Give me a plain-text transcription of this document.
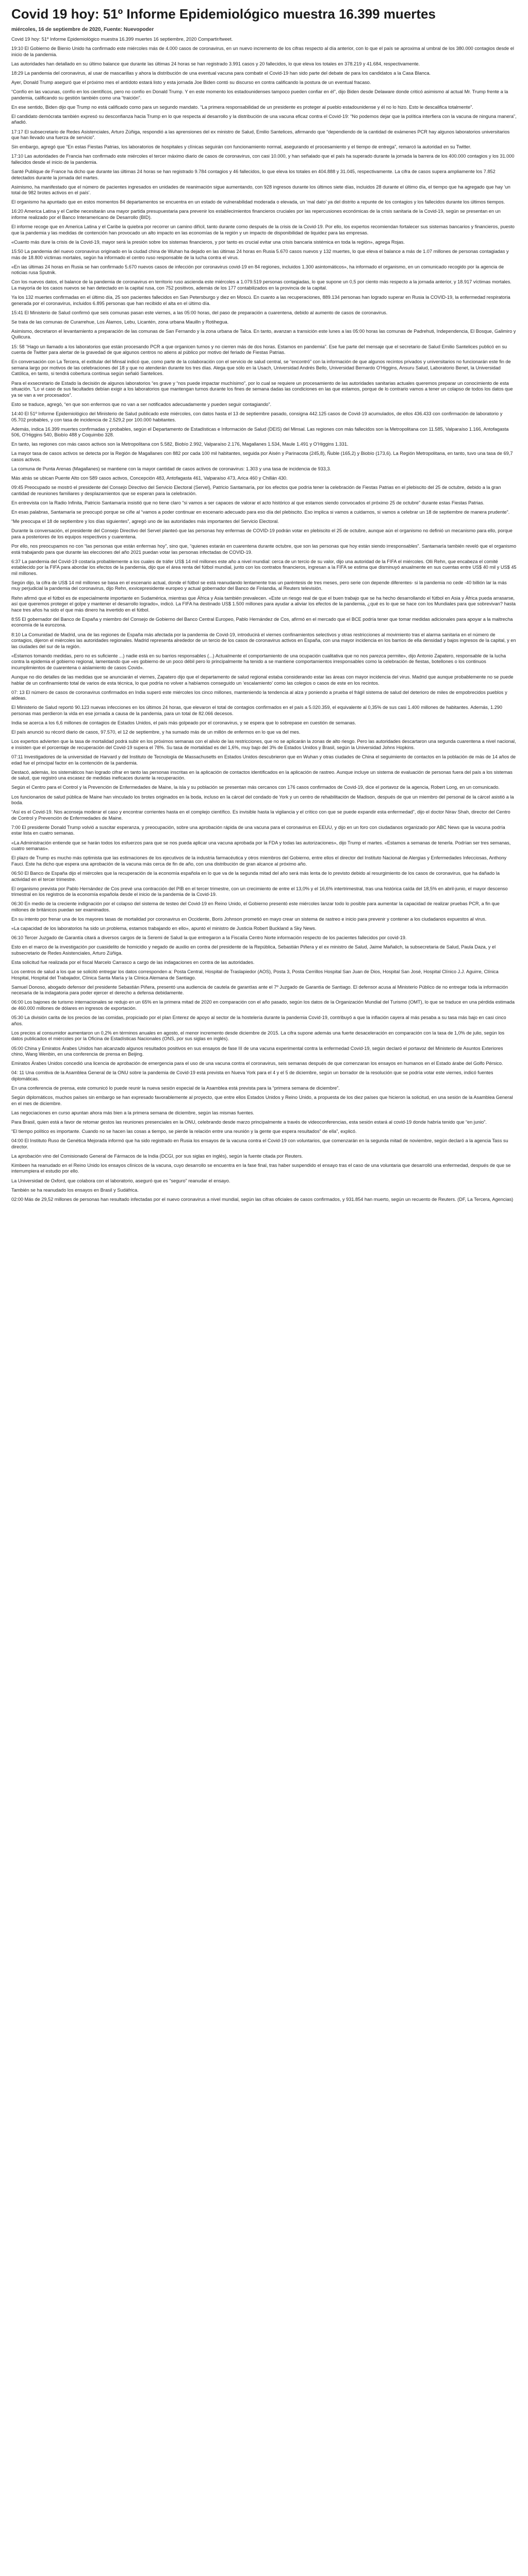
Covid 19 hoy: 51º Informe Epidemiológico muestra 16.399 muertes
miércoles, 16 de septiembre de 2020, Fuente: Nuevopoder

Covid 19 hoy: 51º Informe Epidemiológico muestra 16.399 muertes 16 septiembre, 2020 Compartir/tweet.

19:10 El Gobierno de Bienio Unido ha confirmado este miércoles más de 4.000 casos de coronavirus, en un nuevo incremento de los cifras respecto al día anterior, con lo que el país se aproxima al umbral de los 380.000 contagios desde el inicio de la pandemia.

Las autoridades han detallado en su último balance que durante las últimas 24 horas se han registrado 3.991 casos y 20 fallecidos, lo que eleva los totales en 378.219 y 41.684, respectivamente.

18:29 La pandemia del coronavirus, al usar de mascarillas y ahora la distribución de una eventual vacuna para combatir el Covid-19 han sido parte del debate de para los candidatos a la Casa Blanca.

Ayer, Donald Trump aseguró que el próximo mes el antídoto estará listo y esta jornada Joe Biden contó su discurso en contra calificando la postura de un eventual fracaso.

“Confío en las vacunas, confío en los científicos, pero no confío en Donald Trump. Y en este momento los estadounidenses tampoco pueden confiar en él”, dijo Biden desde Delaware donde criticó asimismo al actual Mr. Trump frente a la pandemia, calificando su gestión también como una “traición”.

En ese sentido, Biden dijo que Trump no está calificado como para un segundo mandato. “La primera responsabilidad de un presidente es proteger al pueblo estadounidense y él no lo hizo. Esto le descalifica totalmente”.

El candidato demócrata también expresó su desconfianza hacia Trump en lo que respecta al desarrollo y la distribución de una vacuna eficaz contra el Covid-19: “No podemos dejar que la política interfiera con la vacuna de ninguna manera”, añadió.

17:17 El subsecretario de Redes Asistenciales, Arturo Zúñiga, respondió a las aprensiones del ex ministro de Salud, Emilio Santelices, afirmando que “dependiendo de la cantidad de exámenes PCR hay algunos laboratorios universitarios que han llevado una fuerza de servicio”.

Sin embargo, agregó que “En estas Fiestas Patrias, los laboratorios de hospitales y clínicas seguirán con funcionamiento normal, asegurando el procesamiento y el tiempo de entrega”, remarcó la autoridad en su Twitter.

17:10 Las autoridades de Francia han confirmado este miércoles el tercer máximo diario de casos de coronavirus, con casi 10.000, y han señalado que el país ha superado durante la jornada la barrera de los 400.000 contagios y los 31.000 fallecidos desde el inicio de la pandemia.

Santé Publique de France ha dicho que durante las últimas 24 horas se han registrado 9.784 contagios y 46 fallecidos, lo que eleva los totales en 404.888 y 31.045, respectivamente. La cifra de casos supera ampliamente los 7.852 detectados durante la jornada del martes.

Asimismo, ha manifestado que el número de pacientes ingresados en unidades de reanimación sigue aumentando, con 928 ingresos durante los últimos siete días, incluidos 28 durante el último día, el tiempo que ha agregado que hay ‘un total de 982 brotes activos en el país’.

El organismo ha apuntado que en estos momentos 84 departamentos se encuentra en un estado de vulnerabilidad moderada o elevada, un ‘mal dato’ ya del distrito a repunte de los contagios y los fallecidos durante los últimos tiempos.

16:20 America Latina y el Caribe necesitarán una mayor partida presupuestaria para prevenir los establecimientos financieros cruciales por las repercusiones económicas de la crisis sanitaria de la Covid-19, según se presentan en un informe realizado por el Banco Interamericano de Desarrollo (BID).

El informe recoge que en America Latina y el Caribe la quiebra por recorrer un camino difícil, tanto durante como después de la crisis de la Covid-19. Por ello, los expertos recomiendan fortalecer sus sistemas bancarios y financieros, puesto que la pandemia y las medidas de contención han provocado un alto impacto en las economías de la región y un impacto de disponibilidad de liquidez para las empresas.

«Cuanto más dure la crisis de la Covid-19, mayor será la presión sobre los sistemas financieros, y por tanto es crucial evitar una crisis bancaria sistémica en toda la región», agrega Rojas.

15:50 La pandemia del nuevo coronavirus originado en la ciudad china de Wuhan ha dejado en las últimas 24 horas en Rusia 5.670 casos nuevos y 132 muertes, lo que eleva el balance a más de 1.07 millones de personas contagiadas y más de 18.800 víctimas mortales, según ha informado el centro ruso responsable de la lucha contra el virus.

«En las últimas 24 horas en Rusia se han confirmado 5.670 nuevos casos de infección por coronavirus covid-19 en 84 regiones, incluidos 1.300 asintomáticos», ha informado el organismo, en un comunicado recogido por la agencia de noticias rusa Sputnik.

Con los nuevos datos, el balance de la pandemia de coronavirus en territorio ruso ascienda este miércoles a 1.079.519 personas contagiadas, lo que supone un 0,5 por ciento más respecto a la jornada anterior, y 18.917 víctimas mortales. La mayoría de los casos nuevos se han detectado en la capital rusa, con 752 positivos, además de los 177 contabilizados en la provincia de la capital.

Ya los 132 muertes confirmadas en el último día, 25 son pacientes fallecidos en San Petersburgo y diez en Moscú. En cuanto a las recuperaciones, 889.134 personas han logrado superar en Rusia la COVID-19, la enfermedad respiratoria generada por el coronavirus, incluidos 6.895 personas que han recibido el alta en el último día.

15:41 El Ministerio de Salud confirmó que seis comunas pasan este viernes, a las 05:00 horas, del paso de preparación a cuarentena, debido al aumento de casos de coronavirus.

Se trata de las comunas de Curarrehue, Los Álamos, Lebu, Licantén, zona urbana Mauilln y Rotihegua.

Asimismo, decretaron el levantamiento a preparación de las comunas de San Fernando y la zona urbana de Talca. En tanto, avanzan a transición este lunes a las 05:00 horas las comunas de Padrehuti, Independencia, El Bosque, Galimiro y Quilicura.

15: 58 “Hago un llamado a los laboratorios que están procesando PCR a que organicen turnos y no cierren más de dos horas. Estamos en pandemia”. Ese fue parte del mensaje que el secretario de Salud Emilio Santelices publicó en su cuenta de Twitter para alertar de la gravedad de que algunos centros no atiens al público por motivo del feriado de Fiestas Patrias.

En conversación con La Tercera, el extitular del Minsal indicó que, como parte de la colaboración con el servicio de salud central, se “encontró” con la información de que algunos recintos privados y universitarios no funcionarán este fin de semana largo por motivos de las celebraciones del 18 y que no atenderán durante los tres días. Alega que sólo en la Usach, Universidad Andrés Bello, Universidad Bernardo O’Higgins, Ansuru Salud, Laboratorio Benet, la Universidad Católica, en tanto, si tendrá cobertura continua según señaló Santelices.

Para el exsecretario de Estado la decisión de algunos laboratorios “es grave y “nos puede impactar muchísimo”, por lo cual se requiere un procesamiento de las autoridades sanitarias actuales queremos preparar un conocimiento de esta situación. “Lo vi caso de sus facultades debían exigir a los laboratorios que mantengan turnos durante los fines de semana dadas las condiciones en las que estamos, porque de lo contrario vamos a tener un colapso de todos los datos que ya se van a ver procesados”.

Esto se traduce, agregó, “en que son enfermos que no van a ser notificados adecuadamente y pueden seguir contagiando”.

14:40 El 51º Informe Epidemiológico del Ministerio de Salud publicado este miércoles, con datos hasta el 13 de septiembre pasado, consigna 442.125 casos de Covid-19 acumulados, de ellos 436.433 con confirmación de laboratorio y 05.702 probables, y con tasa de incidencia de 2.529,2 por 100.000 habitantes.

Además, indica 16.399 muertes confirmadas y probables, según el Departamento de Estadísticas e Información de Salud (DEIS) del Minsal. Las regiones con más fallecidos son la Metropolitana con 11.585, Valparaíso 1.166, Antofagasta 506, O’Higgins 540, Biobío 488 y Coquimbo 328.

En tanto, las regiones con más casos activos son la Metropolitana con 5.582, Biobío 2.992, Valparaíso 2.176, Magallanes 1.534, Maule 1.491 y O’Higgins 1.331.

La mayor tasa de casos activos se detecta por la Región de Magallanes con 882 por cada 100 mil habitantes, seguida por Aisén y Parinacota (245,8), Ñuble (165,2) y Biobío (173,6). La Región Metropolitana, en tanto, tuvo una tasa de 69,7 casos activos.

La comuna de Punta Arenas (Magallanes) se mantiene con la mayor cantidad de casos activos de coronavirus: 1.303 y una tasa de incidencia de 933,3.

Más atrás se ubican Puente Alto con 589 casos activos, Concepción 483, Antofagasta 461, Valparaíso 473, Arica 460 y Chillán 430.

09:45 Preocupado se mostró el presidente del Consejo Directivo del Servicio Electoral (Servel), Patricio Santamaría, por los efectos que podría tener la celebración de Fiestas Patrias en el plebiscito del 25 de octubre, debido a la gran cantidad de reuniones familiares y desplazamientos que se esperan para la celebración.

En entrevista con la Radio Infinita, Patricio Santamaría insistió que no tiene claro “si vamos a ser capaces de valorar el acto histórico al que estamos siendo convocados el próximo 25 de octubre” durante estas Fiestas Patrias.

En esas palabras, Santamaría se preocupó porque se ciñe al “vamos a poder continuar en escenario adecuado para eso día del plebiscito. Eso implica si vamos a cuidarnos, si vamos a celebrar un 18 de septiembre de manera prudente”.

“Me preocupa el 18 de septiembre y los días siguientes”, agregó uno de las autoridades más importantes del Servicio Electoral.

Durante la conversación, el presidente del Consejo Directivo del Servel planteó que las personas hoy enfermas de COVID-19 podrán votar en plebiscito el 25 de octubre, aunque aún el organismo no definió un mecanismo para ello, porque para a posteriores de los equipos respectivos y cuarentena.

Por ello, nos preocupamos no con “las personas que están enfermas hoy”, sino que, “quienes estarán en cuarentena durante octubre, que son las personas que hoy están siendo irresponsables”. Santamaría también reveló que el organismo está trabajando para que durante las elecciones del año 2021 puedan votar las personas infectadas de COVID-19.

6:37 La pandemia del Covid-19 costaría probablemente a los cuales de tráfer US$ 14 mil millones este año a nivel mundial: cerca de un tercio de su valor, dijo una autoridad de la FIFA el miércoles. Olli Rehn, que encabeza el comité establecido por la FIFA para abordar los efectos de la pandemia, dijo que el área renta del fútbol mundial, junto con los contratos financieros, ingresan a la FIFA se estima que disminuyó anualmente en sus cuentas entre US$ 40 mil y US$ 45 mil millones.

Según dijo, la cifra de US$ 14 mil millones se basa en el escenario actual, donde el fútbol se está reanudando lentamente tras un paréntesis de tres meses, pero serie con depende diferentes- si la pandemia no cede -40 billión lar la más muy perjudicial la pandemia del coronavirus, dijo Rehn, exvicepresidente europeo y actual gobernador del Banco de Finlandia, al Reuters televisión.

Rehn afirmó que el fútbol es de especialmente importante en Sudamérica, mientras que África y Asia también prevalecen. «Este un riesgo real de que el buen trabajo que se ha hecho desarrollando el fútbol en Asia y África pueda arrasarse, así que queremos proteger el golpe y mantener el desarrollo logrado», indicó. La FIFA ha destinado US$ 1.500 millones para ayudar a aliviar los efectos de la pandemia, ¿qué es lo que se hace con los Mundiales para que sobrevivan? hasta hace tres años ha sido el que más dinero ha invertido en el fútbol.

8:55 El gobernador del Banco de España y miembro del Consejo de Gobierno del Banco Central Europeo, Pablo Hernández de Cos, afirmó en el mercado que el BCE podría tener que tomar medidas adicionales para apoyar a la maltrecha economía de la eurozona.

8:10 La Comunidad de Madrid, una de las regiones de España más afectada por la pandemia de Covid-19, introducirá el viernes confinamientos selectivos y otras restricciones al movimiento tras el alarma sanitaria en el número de contagios, dijeron el miércoles las autoridades regionales. Madrid representa alrededor de un tercio de los casos de coronavirus activos en España, con una mayor incidencia en los barrios de ella densidad y bajos ingresos de la capital, y en las ciudades del sur de la región.

«Estamos tomando medidas, pero no es suficiente ...) nadie está en su barrios responsables (...) Actualmente el comportamiento de una ocupación cualitativa que no nos parezca permite», dijo Antonio Zapatero, responsable de la lucha contra la epidemia el gobierno regional, lamentando que «es gobierno de un poco débil pero lo principalmente ha tenido a se mantiene comportamientos irresponsables como la celebración de fiestas, botellones o los continuos incumplimientos de cuarentena o aislamiento de casos Covid».

Aunque no dio detalles de las medidas que se anunciarán el viernes, Zapatero dijo que el departamento de salud regional estaba considerando estar las áreas con mayor incidencia del virus. Madrid que aunque probablemente no se puede hablar de un confinamiento total de varios de esta técnica, lo que podría no volver a habíamos conseguido un ‘escalamiento’ como las colegios o casos de este en los recintos.

07: 13 El número de casos de coronavirus confirmados en India superó este miércoles los cinco millones, manteniendo la tendencia al alza y poniendo a prueba el frágil sistema de salud del deterioro de miles de empobrecidos pueblos y aldeas.

El Ministerio de Salud reportó 90.123 nuevas infecciones en los últimos 24 horas, que elevaron el total de contagios confirmados en el país a 5.020.359, el equivalente al 0,35% de sus casi 1.400 millones de habitantes. Además, 1.290 personas mas perdieron la vida en ese jornada a causa de la pandemia, para un total de 82.066 decesos.

India se acerca a los 6,6 millones de contagios de Estados Unidos, el país más golpeado por el coronavirus, y se espera que lo sobrepase en cuestión de semanas.

El país anunció su récord diario de casos, 97.570, el 12 de septiembre, y ha sumado más de un millón de enfermos en lo que va del mes.

Los expertos advierten que la tasa de mortalidad podrá subir en los próximos semanas con el alivio de las restricciones, que no se aplicarán la zonas de alto riesgo. Pero las autoridades descartaron una segunda cuarentena a nivel nacional, e insisten que el porcentaje de recuperación del Covid-19 supera el 78%. Su tasa de mortalidad es del 1,6%, muy bajo del 3% de Estados Unidos y Brasil, según la Universidad Johns Hopkins.

07:11 Investigadores de la universidad de Harvard y del Instituto de Tecnología de Massachusetts en Estados Unidos descubrieron que en Wuhan y otras ciudades de China el seguimiento de contactos en la población de más de 14 años de edad fue el principal factor en la contención de la pandemia.

Destacó, además, los sistemáticos han logrado cifrar en tanto las personas inscritas en la aplicación de contactos identificados en la aplicación de rastreo. Aunque incluye un sistema de evaluación de personas fuera del país a los sistemas de salud, que registró una escasez de medidas ineficaces durante la recuperación.

Según el Centro para el Control y la Prevención de Enfermedades de Maine, la isla y su población se presentan más cercanos con 176 casos confirmados de Covid-19, dice el portavoz de la agencia, Robert Long, en un comunicado.

Los funcionarios de salud pública de Maine han vinculado los brotes originados en la boda, incluso en la cárcel del condado de York y un centro de rehabilitación de Madison, después de que un miembro del personal de la cárcel asistió a la boda.

“Así es el Covid-19. Nos aconseja moderar el caso y encontrar corrientes hasta en el complejo científico. Es invisible hasta la vigilancia y el crítico con que se puede expandir esta enfermedad”, dijo el doctor Nirav Shah, director del Centro de Control y Prevención de Enfermedades de Maine.

7:00 El presidente Donald Trump volvió a suscitar esperanza, y preocupación, sobre una aprobación rápida de una vacuna para el coronavirus en EEUU, y dijo en un foro con ciudadanos organizado por ABC News que la vacuna podría estar lista en cuatro semanas.

«La Administración entiende que se harán todos los esfuerzos para que se nos pueda aplicar una vacuna aprobada por la FDA y todas las autorizaciones», dijo Trump el martes. «Estamos a semanas de tenerla. Podrían ser tres semanas, cuatro semanas».

El plazo de Trump es mucho más optimista que las estimaciones de los ejecutivos de la industria farmacéutica y otros miembros del Gobierno, entre ellos el director del Instituto Nacional de Alergias y Enfermedades Infecciosas, Anthony Fauci. Este ha dicho que espera una aprobación de la vacuna más cerca de fin de año, con una distribución de gran alcance al próximo año.

06:50 El Banco de España dijo el miércoles que la recuperación de la economía española en lo que va de la segunda mitad del año será más lenta de lo previsto debido al resurgimiento de los casos de coronavirus, que ha dañado la actividad en el tercer trimestre.

El organismo prevista por Pablo Hernández de Cos prevé una contracción del PIB en el tercer trimestre, con un crecimiento de entre el 13,0% y el 16,6% intertrimestral, tras una histórica caída del 18,5% en abril-junio, el mayor descenso trimestral en los registros de la economía española desde el inicio de la pandemia de la Covid-19.

06:30 En medio de la creciente indignación por el colapso del sistema de testeo del Covid-19 en Reino Unido, el Gobierno presentó este miércoles lanzar todo lo posible para aumentar la capacidad de realizar pruebas PCR, a fin que millones de británicos puedan ser examinados.

En su intento por frenar una de los mayores tasas de mortalidad por coronavirus en Occidente, Boris Johnson prometió en mayo crear un sistema de rastreo e inicio para prevenir y contener a los ciudadanos expuestos al virus.

«La capacidad de los laboratorios ha sido un problema, estamos trabajando en ello», apuntó el ministro de Justicia Robert Buckland a Sky News.

06:10 Tercer Juzgado de Garantía citará a diversos cargos de la Seremi de Salud la que entregaron a la Fiscalía Centro Norte información respecto de los pacientes fallecidos por covid-19.

Esto en el marco de la investigación por cuasidelito de homicidio y negado de auxilio en contra del presidente de la República, Sebastián Piñera y el ex ministro de Salud, Jaime Mañalich, la subsecretaria de Salud, Paula Daza, y el subsecretario de Redes Asistenciales, Arturo Zúñiga.

Esta solicitud fue realizada por el fiscal Marcelo Carrasco a cargo de las indagaciones en contra de las autoridades.

Los centros de salud a los que se solicitó entregar los datos corresponden a: Posta Central, Hospital de Traslapiedor (AOS), Posta 3, Posta Cerrillos Hospital San Juan de Dios, Hospital San José, Hospital Clínico J.J. Aguirre, Clínica Hospital, Hospital del Trabajador, Clínica Santa María y la Clínica Alemana de Santiago.

Samuel Donoso, abogado defensor del presidente Sebastián Piñera, presentó una audiencia de cautela de garantías ante el 7º Juzgado de Garantía de Santiago. El defensor acusa al Ministerio Público de no entregar toda la información necesaria de la indagatoria para poder ejercer el derecho a defensa debidamente.

06:00 Los bajones de turismo internacionales se redujo en un 65% en la primera mitad de 2020 en comparación con el año pasado, según los datos de la Organización Mundial del Turismo (OMT), lo que se traduce en una pérdida estimada de 460.000 millones de dólares en ingresos de exportación.

05:30 La división carita de los precios de las comidas, propiciado por el plan Enterez de apoyo al sector de la hostelería durante la pandemia Covid-19, contribuyó a que la inflación cayera al más pesaba a su tasa más bajo en casi cinco años.

Los precios al consumidor aumentaron un 0,2% en términos anuales en agosto, el menor incremento desde diciembre de 2015. La cifra supone además una fuerte desaceleración en comparación con la tasa de 1,0% de julio, según los datos publicados el miércoles por la Oficina de Estadísticas Nacionales (ONS, por sus siglas en inglés).

05:00 China y Emiratos Árabes Unidos han alcanzado algunos resultados positivos en sus ensayos de fase III de una vacuna experimental contra la enfermedad Covid-19, según declaró el portavoz del Ministerio de Asuntos Exteriores chino, Wang Wenbin, en una conferencia de prensa en Beijing.

Emiratos Árabes Unidos concedió una licencia de aprobación de emergencia para el uso de una vacuna contra el coronavirus, seis semanas después de que comenzaran los ensayos en humanos en el Estado árabe del Golfo Pérsico.

04: 11 Una comitiva de la Asamblea General de la ONU sobre la pandemia de Covid-19 está prevista en Nueva York para el 4 y el 5 de diciembre, según un borrador de la resolución que se podría votar este viernes, indicó fuentes diplomáticas.

En una conferencia de prensa, este comunicó lo puede reunir la nueva sesión especial de la Asamblea está prevista para la “primera semana de diciembre”.

Según diplomáticos, muchos países sin embargo se han expresado favorablemente al proyecto, que entre ellos Estados Unidos y Reino Unido, a propuesta de los diez países que hicieron la solicitud, en una sesión de la Asamblea General en el mes de diciembre.

Las negociaciones en curso apuntan ahora más bien a la primera semana de diciembre, según las mismas fuentes.

Para Brasil, quien está a favor de retomar gestos las reuniones presenciales en la ONU, celebrando desde marzo principalmente a través de videoconferencias, esta sesión estará al covid-19 donde habría tenido que “en junio”.

“El tiempo político es importante. Cuando no se hacen las cosas a tiempo, se pierde la relación entre una reunión y la gente que espera resultados” de ella”, explicó.

04:00 El Instituto Ruso de Genética Mejorada informó que ha sido registrado en Rusia los ensayos de la vacuna contra el Covid-19 con voluntarios, que comenzarán en la segunda mitad de noviembre, según declaró a la agencia Tass su director.

La aprobación vino del Comisionado General de Fármacos de la India (DCGI, por sus siglas en inglés), según la fuente citada por Reuters.

Kimbeen ha reanudado en el Reino Unido los ensayos clínicos de la vacuna, cuyo desarrollo se encuentra en la fase final, tras haber suspendido el ensayo tras el caso de una voluntaria que desarrolló una enfermedad, después de que se interrumpiera el estudio por ello.

La Universidad de Oxford, que colabora con el laboratorio, aseguró que es “seguro” reanudar el ensayo.

También se ha reanudado los ensayos en Brasil y Sudáfrica.

02:00 Más de 29,52 millones de personas han resultado infectadas por el nuevo coronavirus a nivel mundial, según las cifras oficiales de casos confirmados, y 931.854 han muerto, según un recuento de Reuters. (DF, La Tercera, Agencias)
